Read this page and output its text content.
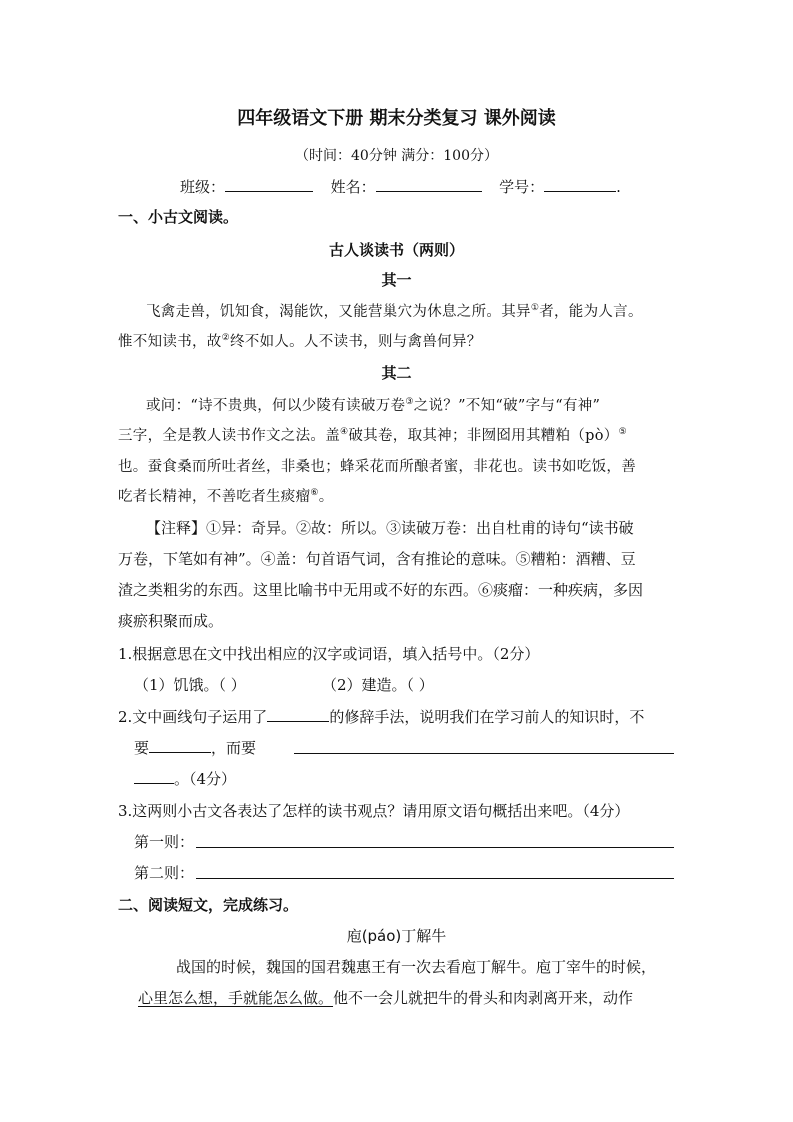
四年级语文下册 期末分类复习 课外阅读
（时间：40分钟 满分：100分）
班级：	姓名：	学号：	.
一、小古文阅读。
古人谈读书（两则）
其一
飞禽走兽，饥知食，渴能饮，又能营巢穴为休息之所。其异①者，能为人言。
惟不知读书，故②终不如人。人不读书，则与禽兽何异？
其二
或问：“诗不贵典，何以少陵有读破万卷③之说？”不知“破”字与“有神”
三字，全是教人读书作文之法。盖④破其卷，取其神；非囫囵用其糟粕（pò）⑤
也。蚕食桑而所吐者丝，非桑也；蜂采花而所酿者蜜，非花也。读书如吃饭，善
吃者长精神，不善吃者生痰瘤⑥。
【注释】①异：奇异。②故：所以。③读破万卷：出自杜甫的诗句“读书破
万卷，下笔如有神”。④盖：句首语气词，含有推论的意味。⑤糟粕：酒糟、豆
渣之类粗劣的东西。这里比喻书中无用或不好的东西。⑥痰瘤：一种疾病，多因
痰瘀积聚而成。
1.根据意思在文中找出相应的汉字或词语，填入括号中。（2分）
（1）饥饿。（ ）	（2）建造。（ ）
2.文中画线句子运用了	的修辞手法，说明我们在学习前人的知识时，不
要	，而要
。（4分）
3.这两则小古文各表达了怎样的读书观点？请用原文语句概括出来吧。（4分）
第一则：
第二则：
二、阅读短文，完成练习。
庖(páo)丁解牛
战国的时候，魏国的国君魏惠王有一次去看庖丁解牛。庖丁宰牛的时候，
心里怎么想，手就能怎么做。他不一会儿就把牛的骨头和肉剥离开来，动作
